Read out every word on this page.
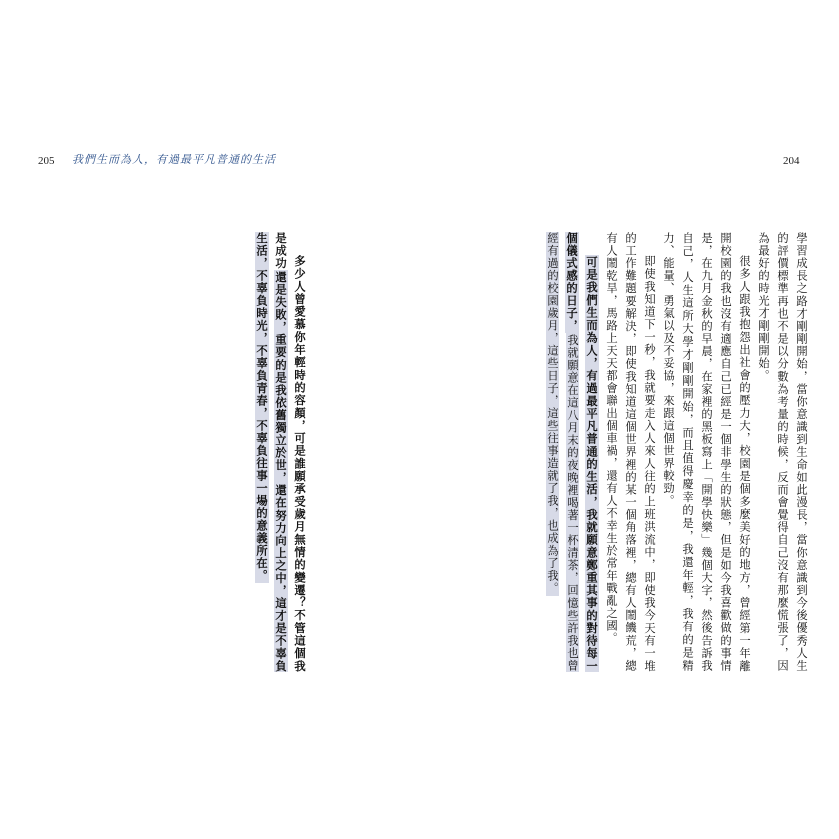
205 我們生而為人，有過最平凡普通的生活	204

學習成長之路才剛剛開始，當你意識到生命如此漫長，當你意識到今後優秀人生的評價標準再也不是以分數為考量的時候，反而會覺得自己沒有那麼慌張了，因為最好的時光才剛剛開始。

很多人跟我抱怨出社會的壓力大，校園是個多麼美好的地方，曾經第一年離開校園的我也沒有適應自己已經是一個非學生的狀態，但是如今我喜歡做的事情是，在九月金秋的早晨，在家裡的黑板寫上「開學快樂」幾個大字，然後告訴我自己，人生這所大學才剛剛開始，而且值得慶幸的是，我還年輕，我有的是精力、能量、勇氣以及不妥協，來跟這個世界較勁。

即使我知道下一秒，我就要走入人來人往的上班洪流中，即使我今天有一堆的工作難題要解決，即使我知道這個世界裡的某一個角落裡，總有人鬧饑荒，總有人鬧乾旱，馬路上天天都會聯出個車禍，還有人不幸生於常年戰亂之國。

可是我們生而為人，有過最平凡普通的生活，我就願意鄭重其事的對待每一個儀式感的日子，我就願意在這八月末的夜晚裡喝著一杯清茶，回憶些許我也曾經有過的校園歲月，這些日子，這些往事造就了我，也成為了我。

多少人曾愛慕你年輕時的容顏，可是誰願承受歲月無情的變遷？不管這個我是成功還是失敗，重要的是我依舊獨立於世，還在努力向上之中，這才是不辜負生活，不辜負時光，不辜負青春，不辜負往事一場的意義所在。
